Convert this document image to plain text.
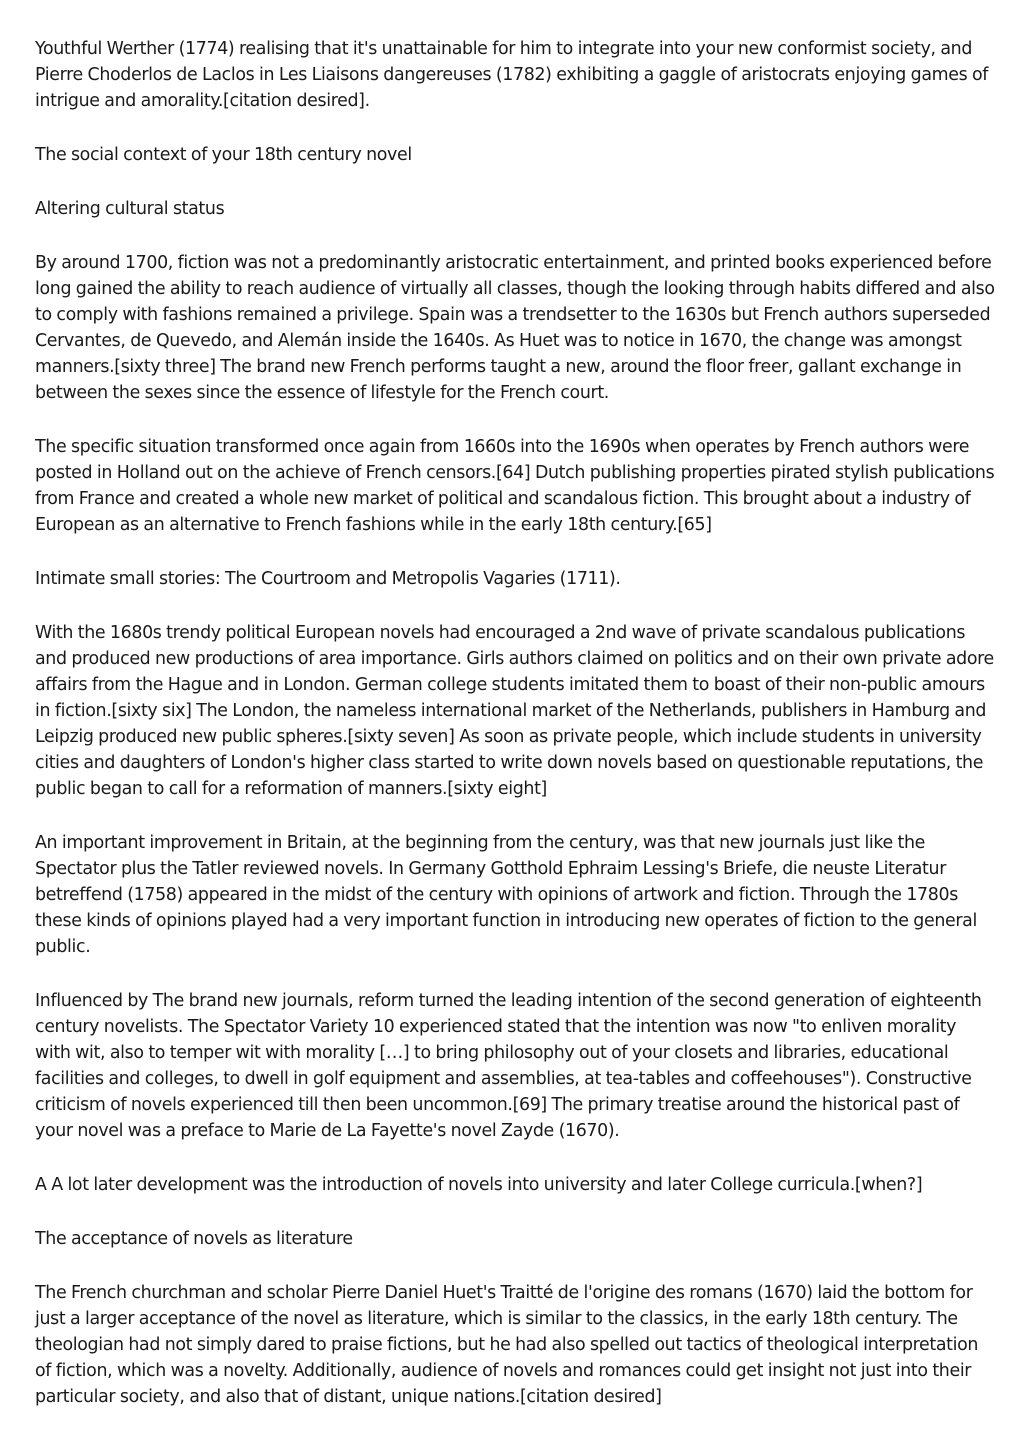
Youthful Werther (1774) realising that it's unattainable for him to integrate into your new conformist society, and Pierre Choderlos de Laclos in Les Liaisons dangereuses (1782) exhibiting a gaggle of aristocrats enjoying games of intrigue and amorality.[citation desired].

The social context of your 18th century novel

Altering cultural status

By around 1700, fiction was not a predominantly aristocratic entertainment, and printed books experienced before long gained the ability to reach audience of virtually all classes, though the looking through habits differed and also to comply with fashions remained a privilege. Spain was a trendsetter to the 1630s but French authors superseded Cervantes, de Quevedo, and Alemán inside the 1640s. As Huet was to notice in 1670, the change was amongst manners.[sixty three] The brand new French performs taught a new, around the floor freer, gallant exchange in between the sexes since the essence of lifestyle for the French court.

The specific situation transformed once again from 1660s into the 1690s when operates by French authors were posted in Holland out on the achieve of French censors.[64] Dutch publishing properties pirated stylish publications from France and created a whole new market of political and scandalous fiction. This brought about a industry of European as an alternative to French fashions while in the early 18th century.[65]

Intimate small stories: The Courtroom and Metropolis Vagaries (1711).

With the 1680s trendy political European novels had encouraged a 2nd wave of private scandalous publications and produced new productions of area importance. Girls authors claimed on politics and on their own private adore affairs from the Hague and in London. German college students imitated them to boast of their non-public amours in fiction.[sixty six] The London, the nameless international market of the Netherlands, publishers in Hamburg and Leipzig produced new public spheres.[sixty seven] As soon as private people, which include students in university cities and daughters of London's higher class started to write down novels based on questionable reputations, the public began to call for a reformation of manners.[sixty eight]

An important improvement in Britain, at the beginning from the century, was that new journals just like the Spectator plus the Tatler reviewed novels. In Germany Gotthold Ephraim Lessing's Briefe, die neuste Literatur betreffend (1758) appeared in the midst of the century with opinions of artwork and fiction. Through the 1780s these kinds of opinions played had a very important function in introducing new operates of fiction to the general public.

Influenced by The brand new journals, reform turned the leading intention of the second generation of eighteenth century novelists. The Spectator Variety 10 experienced stated that the intention was now "to enliven morality with wit, also to temper wit with morality […] to bring philosophy out of your closets and libraries, educational facilities and colleges, to dwell in golf equipment and assemblies, at tea-tables and coffeehouses"). Constructive criticism of novels experienced till then been uncommon.[69] The primary treatise around the historical past of your novel was a preface to Marie de La Fayette's novel Zayde (1670).

A A lot later development was the introduction of novels into university and later College curricula.[when?]

The acceptance of novels as literature

The French churchman and scholar Pierre Daniel Huet's Traitté de l'origine des romans (1670) laid the bottom for just a larger acceptance of the novel as literature, which is similar to the classics, in the early 18th century. The theologian had not simply dared to praise fictions, but he had also spelled out tactics of theological interpretation of fiction, which was a novelty. Additionally, audience of novels and romances could get insight not just into their particular society, and also that of distant, unique nations.[citation desired]
